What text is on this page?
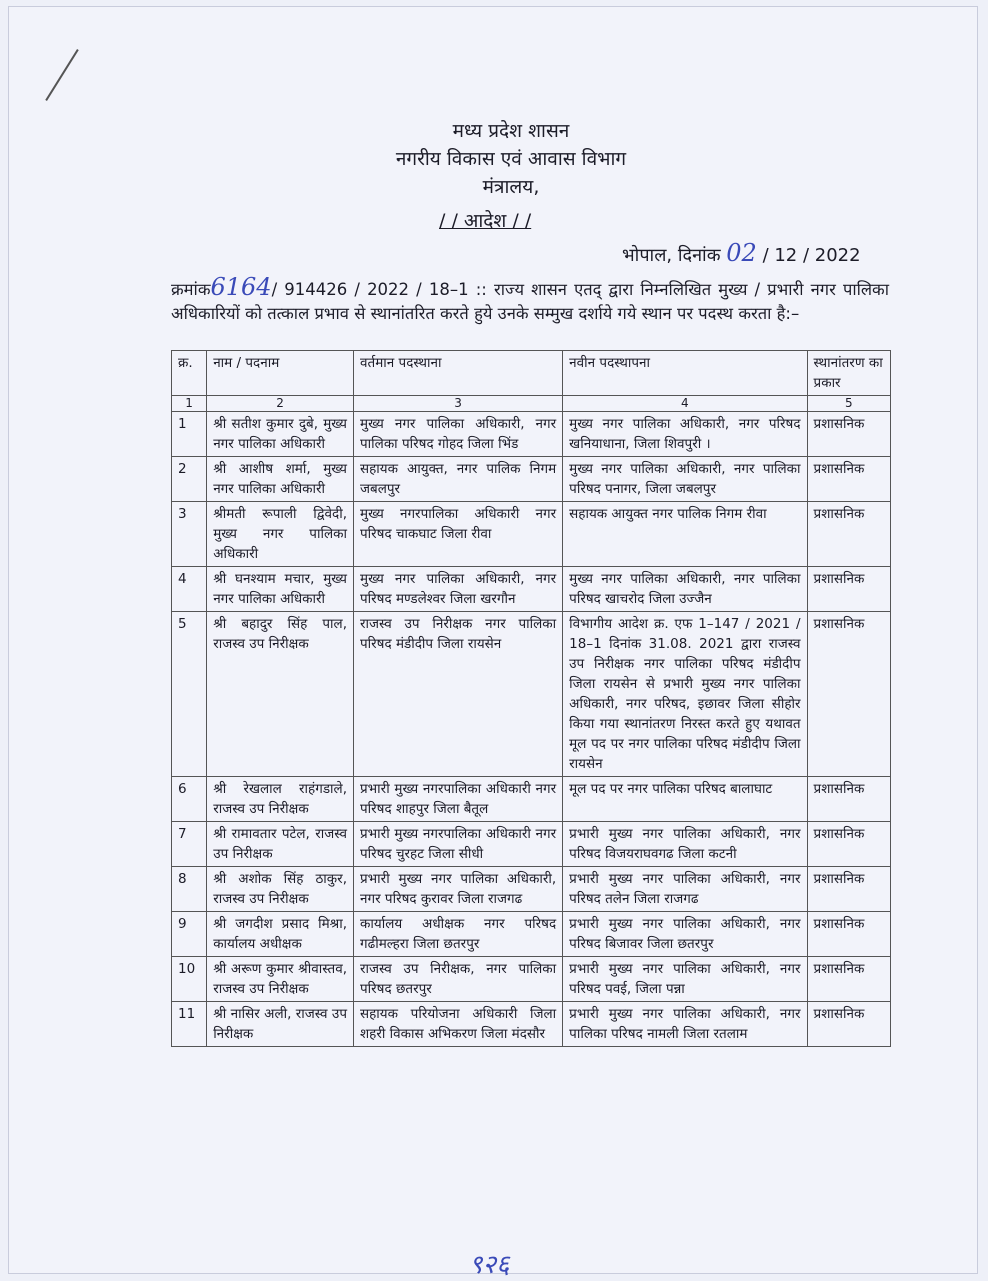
मध्य प्रदेश शासन
नगरीय विकास एवं आवास विभाग
मंत्रालय,
/ / आदेश / /
भोपाल, दिनांक 02 / 12 / 2022
क्रमांक6164/ 914426 / 2022 / 18–1 :: राज्य शासन एतद् द्वारा निम्नलिखित मुख्य / प्रभारी नगर पालिका अधिकारियों को तत्काल प्रभाव से स्थानांतरित करते हुये उनके सम्मुख दर्शाये गये स्थान पर पदस्थ करता है:–
क्र.	नाम / पदनाम	वर्तमान पदस्थाना	नवीन पदस्थापना	स्थानांतरण का प्रकार
1	2	3	4	5
1	श्री सतीश कुमार दुबे, मुख्य नगर पालिका अधिकारी	मुख्य नगर पालिका अधिकारी, नगर पालिका परिषद गोहद जिला भिंड	मुख्य नगर पालिका अधिकारी, नगर परिषद खनियाधाना, जिला शिवपुरी ।	प्रशासनिक
2	श्री आशीष शर्मा, मुख्य नगर पालिका अधिकारी	सहायक आयुक्त, नगर पालिक निगम जबलपुर	मुख्य नगर पालिका अधिकारी, नगर पालिका परिषद पनागर, जिला जबलपुर	प्रशासनिक
3	श्रीमती रूपाली द्विवेदी, मुख्य नगर पालिका अधिकारी	मुख्य नगरपालिका अधिकारी नगर परिषद चाकघाट जिला रीवा	सहायक आयुक्त नगर पालिक निगम रीवा	प्रशासनिक
4	श्री घनश्याम मचार, मुख्य नगर पालिका अधिकारी	मुख्य नगर पालिका अधिकारी, नगर परिषद मण्डलेश्वर जिला खरगौन	मुख्य नगर पालिका अधिकारी, नगर पालिका परिषद खाचरोद जिला उज्जैन	प्रशासनिक
5	श्री बहादुर सिंह पाल, राजस्व उप निरीक्षक	राजस्व उप निरीक्षक नगर पालिका परिषद मंडीदीप जिला रायसेन	विभागीय आदेश क्र. एफ 1–147 / 2021 / 18–1 दिनांक 31.08. 2021 द्वारा राजस्व उप निरीक्षक नगर पालिका परिषद मंडीदीप जिला रायसेन से प्रभारी मुख्य नगर पालिका अधिकारी, नगर परिषद, इछावर जिला सीहोर किया गया स्थानांतरण निरस्त करते हुए यथावत मूल पद पर नगर पालिका परिषद मंडीदीप जिला रायसेन	प्रशासनिक
6	श्री रेखलाल राहंगडाले, राजस्व उप निरीक्षक	प्रभारी मुख्य नगरपालिका अधिकारी नगर परिषद शाहपुर जिला बैतूल	मूल पद पर नगर पालिका परिषद बालाघाट	प्रशासनिक
7	श्री रामावतार पटेल, राजस्व उप निरीक्षक	प्रभारी मुख्य नगरपालिका अधिकारी नगर परिषद चुरहट जिला सीधी	प्रभारी मुख्य नगर पालिका अधिकारी, नगर परिषद विजयराघवगढ जिला कटनी	प्रशासनिक
8	श्री अशोक सिंह ठाकुर, राजस्व उप निरीक्षक	प्रभारी मुख्य नगर पालिका अधिकारी, नगर परिषद कुरावर जिला राजगढ	प्रभारी मुख्य नगर पालिका अधिकारी, नगर परिषद तलेन जिला राजगढ	प्रशासनिक
9	श्री जगदीश प्रसाद मिश्रा, कार्यालय अधीक्षक	कार्यालय अधीक्षक नगर परिषद गढीमल्हरा जिला छतरपुर	प्रभारी मुख्य नगर पालिका अधिकारी, नगर परिषद बिजावर जिला छतरपुर	प्रशासनिक
10	श्री अरूण कुमार श्रीवास्तव, राजस्व उप निरीक्षक	राजस्व उप निरीक्षक, नगर पालिका परिषद छतरपुर	प्रभारी मुख्य नगर पालिका अधिकारी, नगर परिषद पवई, जिला पन्ना	प्रशासनिक
11	श्री नासिर अली, राजस्व उप निरीक्षक	सहायक परियोजना अधिकारी जिला शहरी विकास अभिकरण जिला मंदसौर	प्रभारी मुख्य नगर पालिका अधिकारी, नगर पालिका परिषद नामली जिला रतलाम	प्रशासनिक
९२६
